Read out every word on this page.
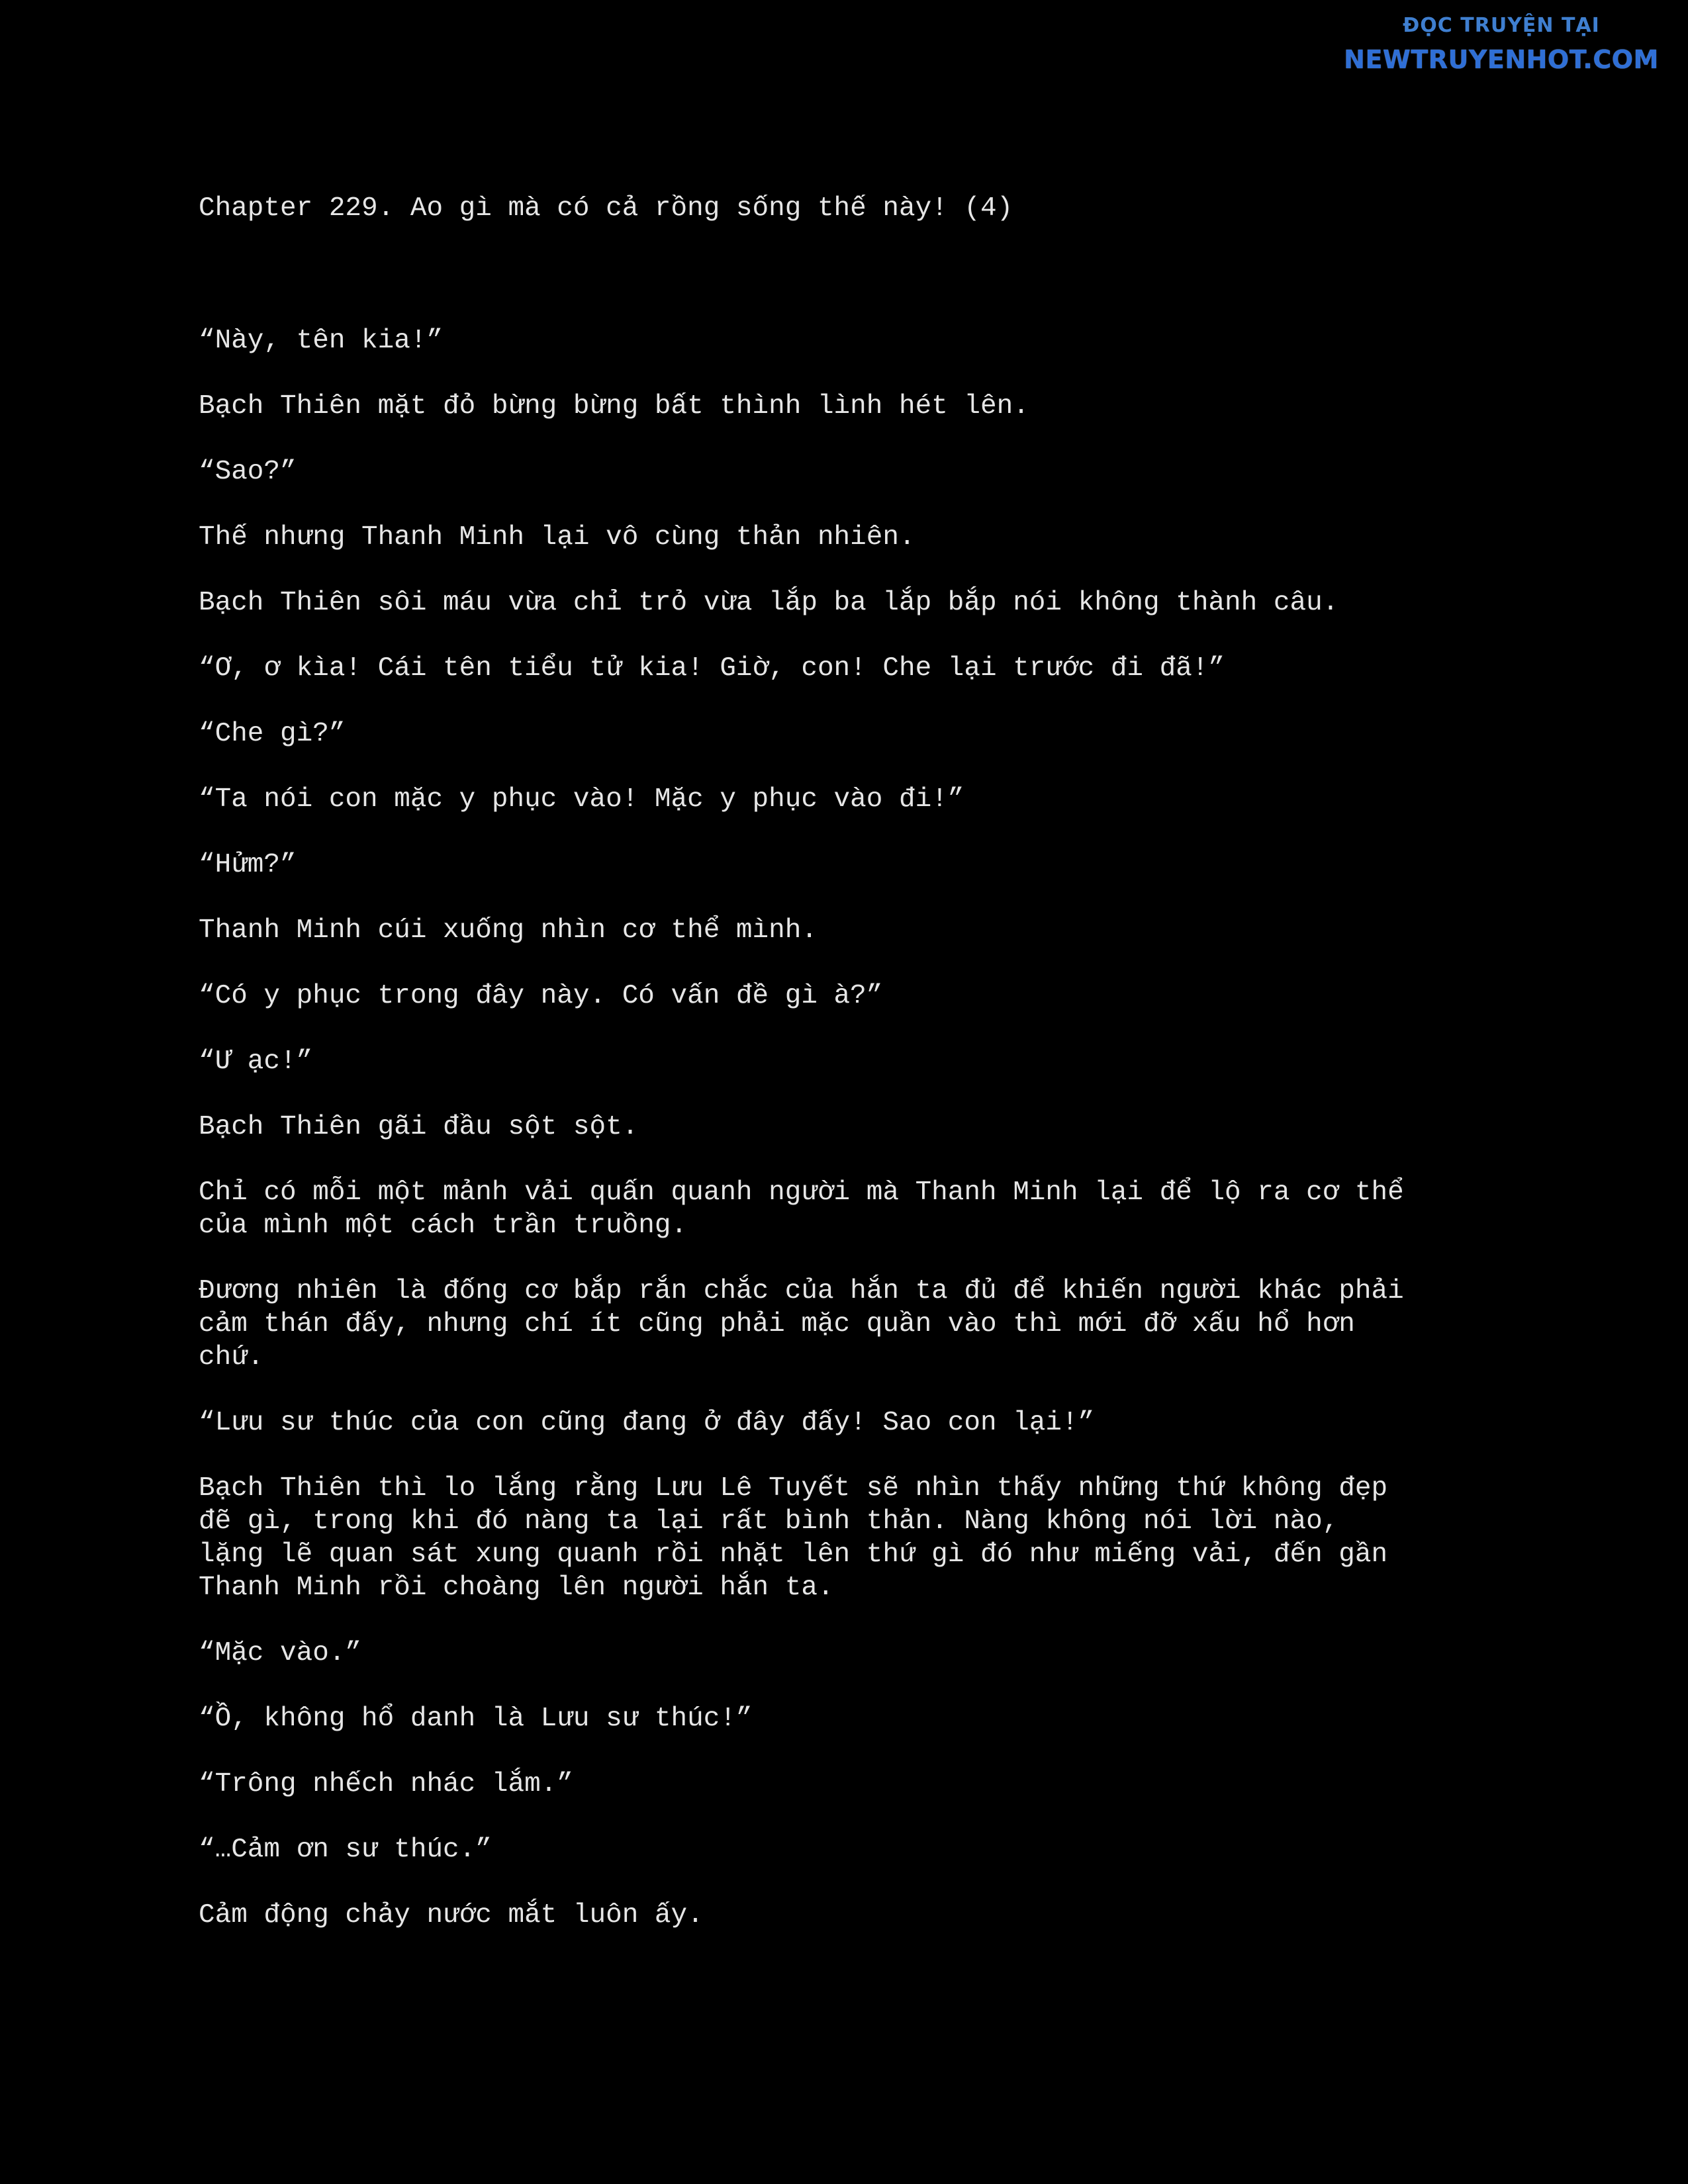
ĐỌC TRUYỆN TẠI
NEWTRUYENHOT.COM
Chapter 229. Ao gì mà có cả rồng sống thế này! (4)
“Này, tên kia!”
Bạch Thiên mặt đỏ bừng bừng bất thình lình hét lên.
“Sao?”
Thế nhưng Thanh Minh lại vô cùng thản nhiên.
Bạch Thiên sôi máu vừa chỉ trỏ vừa lắp ba lắp bắp nói không thành câu.
“Ơ, ơ kìa! Cái tên tiểu tử kia! Giờ, con! Che lại trước đi đã!”
“Che gì?”
“Ta nói con mặc y phục vào! Mặc y phục vào đi!”
“Hửm?”
Thanh Minh cúi xuống nhìn cơ thể mình.
“Có y phục trong đây này. Có vấn đề gì à?”
“Ư ạc!”
Bạch Thiên gãi đầu sột sột.
Chỉ có mỗi một mảnh vải quấn quanh người mà Thanh Minh lại để lộ ra cơ thể
của mình một cách trần truồng.
Đương nhiên là đống cơ bắp rắn chắc của hắn ta đủ để khiến người khác phải
cảm thán đấy, nhưng chí ít cũng phải mặc quần vào thì mới đỡ xấu hổ hơn
chứ.
“Lưu sư thúc của con cũng đang ở đây đấy! Sao con lại!”
Bạch Thiên thì lo lắng rằng Lưu Lê Tuyết sẽ nhìn thấy những thứ không đẹp
đẽ gì, trong khi đó nàng ta lại rất bình thản. Nàng không nói lời nào,
lặng lẽ quan sát xung quanh rồi nhặt lên thứ gì đó như miếng vải, đến gần
Thanh Minh rồi choàng lên người hắn ta.
“Mặc vào.”
“Ồ, không hổ danh là Lưu sư thúc!”
“Trông nhếch nhác lắm.”
“…Cảm ơn sư thúc.”
Cảm động chảy nước mắt luôn ấy.
